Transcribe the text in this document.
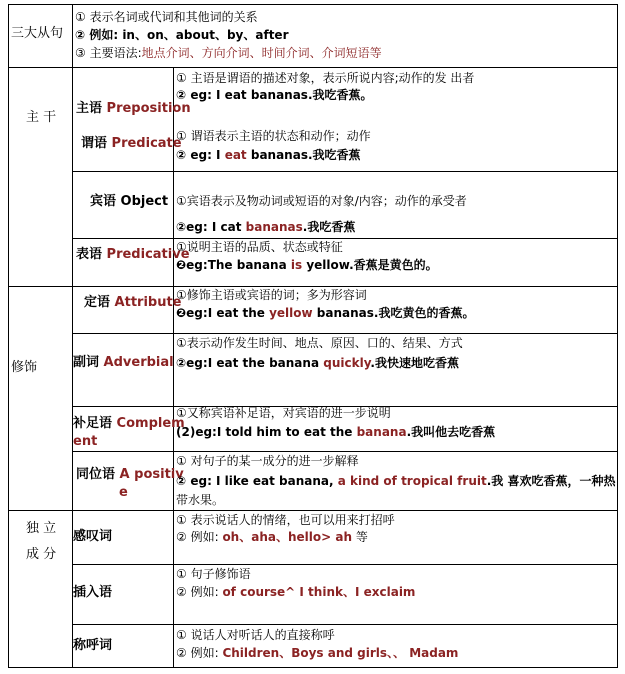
三大从句
① 表示名词或代词和其他词的关系
② 例如: in、on、about、by、after
③ 主要语法:地点介词、方向介词、时间介词、介词短语等
主 干
修饰
独 立
成 分
主语 Preposition
① 主语是谓语的描述对象，表示所说内容;动作的发 出者
② eg: I eat bananas.我吃香蕉。
谓语 Predicate
① 谓语表示主语的状态和动作；动作
② eg: I eat bananas.我吃香蕉
宾语 Object ①宾语表示及物动词或短语的对象/内容；动作的承受者
②eg: I cat bananas.我吃香蕉
表语 Predicative
①说明主语的品质、状态或特征
❷eg:The banana is yellow.香蕉是黄色的。
定语 Attribute
①修饰主语或宾语的词；多为形容词
❷eg:I eat the yellow bananas.我吃黄色的香蕉。
副词 Adverbial
①表示动作发生时间、地点、原因、口的、结果、方式
②eg:I eat the banana quickly.我快速地吃香蕉
补足语 Complem
ent
①又称宾语补足语，对宾语的进一步说明
(2)eg:I told him to eat the banana.我叫他去吃香蕉
同位语 A positiv
e
① 对句子的某一成分的进一步解释
② eg: I like eat banana, a kind of tropical fruit.我 喜欢吃香蕉，一种热
带水果。
感叹词
① 表示说话人的情绪，也可以用来打招呼
② 例如: oh、aha、hello> ah 等
插入语
① 句子修饰语
② 例如: of course^ I think、I exclaim
称呼词
① 说话人对听话人的直接称呼
② 例如: Children、Boys and girls、、 Madam
